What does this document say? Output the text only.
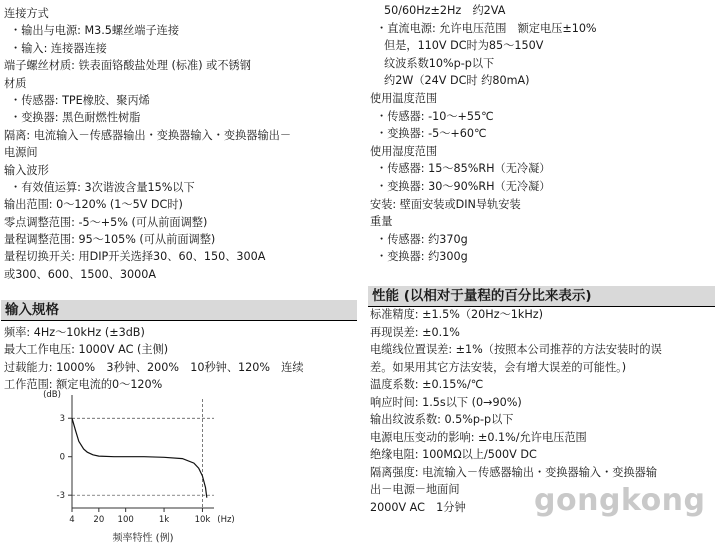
连接方式
・输出与电源: M3.5螺丝端子连接
・输入: 连接器连接
端子螺丝材质: 铁表面铬酸盐处理 (标准) 或不锈钢
材质
・传感器: TPE橡胶、聚丙烯
・变换器: 黑色耐燃性树脂
隔离: 电流输入－传感器输出・变换器输入・变换器输出－
电源间
输入波形
・有效值运算: 3次谐波含量15%以下
输出范围: 0～120% (1～5V DC时)
零点调整范围: -5～+5% (可从前面调整)
量程调整范围: 95～105% (可从前面调整)
量程切换开关: 用DIP开关选择30、60、150、300A
或300、600、1500、3000A
输入规格
频率: 4Hz～10kHz (±3dB)
最大工作电压: 1000V AC (主侧)
过载能力: 1000%　3秒钟、200%　10秒钟、120%　连续
工作范围: 额定电流的0～120%
3
0
-3
4 20 100	1k	10k
(dB)
(Hz)
频率特性 (例)
50/60Hz±2Hz　约2VA
・直流电源: 允许电压范围　额定电压±10%
但是，110V DC时为85～150V
纹波系数10%p-p以下
约2W（24V DC时 约80mA)
使用温度范围
・传感器: -10～+55℃
・变换器: -5～+60℃
使用湿度范围
・传感器: 15～85%RH（无冷凝）
・变换器: 30～90%RH（无冷凝）
安装: 壁面安装或DIN导轨安装
重量
・传感器: 约370g
・变换器: 约300g
性能 (以相对于量程的百分比来表示)
标准精度: ±1.5%（20Hz～1kHz)
再现误差: ±0.1%
电缆线位置误差: ±1%（按照本公司推荐的方法安装时的误
差。如果用其它方法安装，会有增大误差的可能性。)
温度系数: ±0.15%/℃
响应时间: 1.5s以下 (0→90%)
输出纹波系数: 0.5%p-p以下
电源电压变动的影响: ±0.1%/允许电压范围
绝缘电阻: 100MΩ以上/500V DC
隔离强度: 电流输入－传感器输出・变换器输入・变换器输
出－电源－地面间
2000V AC　1分钟	gongkong
